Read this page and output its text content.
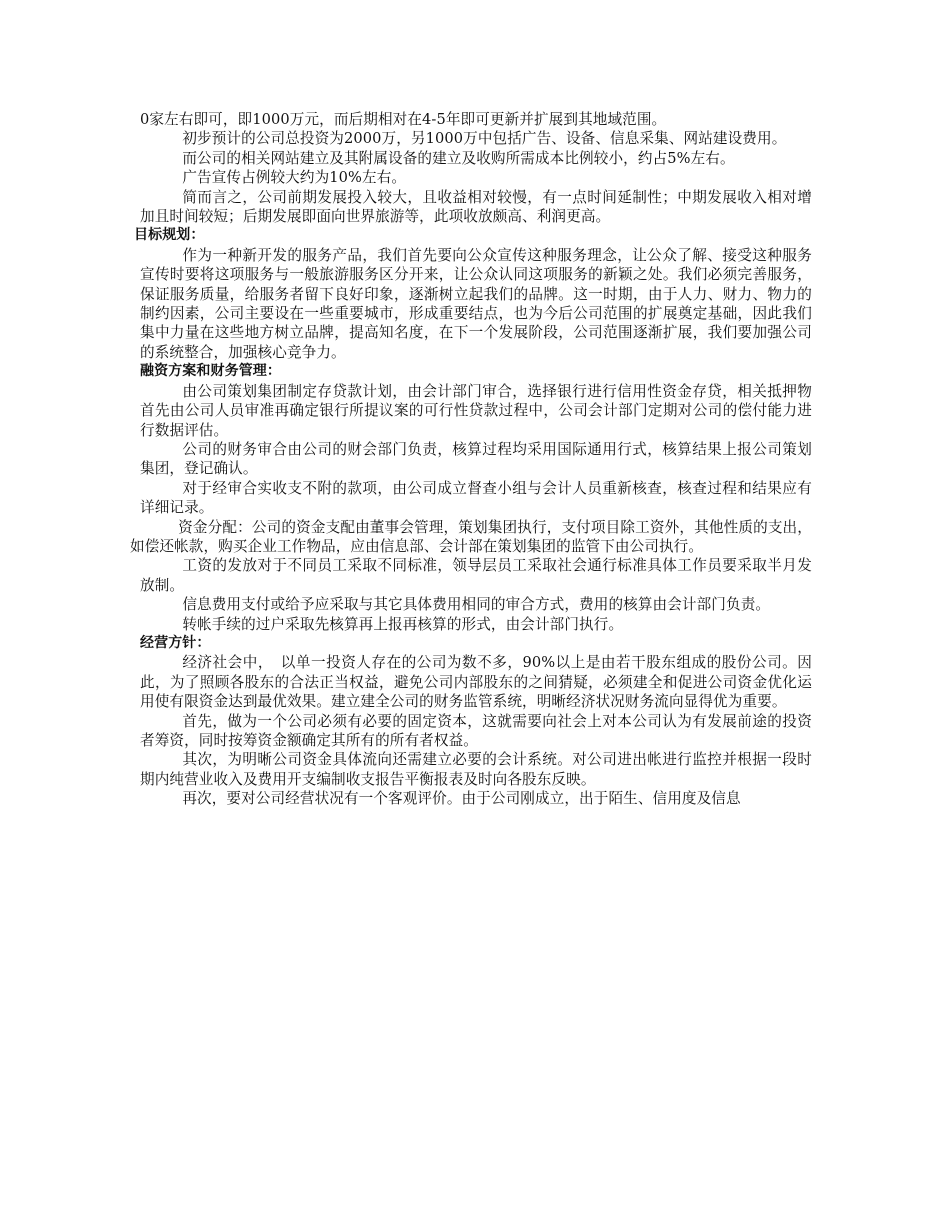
0家左右即可，即1000万元，而后期相对在4-5年即可更新并扩展到其地域范围。

初步预计的公司总投资为2000万，另1000万中包括广告、设备、信息采集、网站建设费用。

而公司的相关网站建立及其附属设备的建立及收购所需成本比例较小，约占5%左右。

广告宣传占例较大约为10%左右。

简而言之，公司前期发展投入较大，且收益相对较慢，有一点时间延制性；中期发展收入相对增加且时间较短；后期发展即面向世界旅游等，此项收放颇高、利润更高。

目标规划：

作为一种新开发的服务产品，我们首先要向公众宣传这种服务理念，让公众了解、接受这种服务宣传时要将这项服务与一般旅游服务区分开来，让公众认同这项服务的新颖之处。我们必须完善服务，保证服务质量，给服务者留下良好印象，逐渐树立起我们的品牌。这一时期，由于人力、财力、物力的制约因素，公司主要设在一些重要城市，形成重要结点，也为今后公司范围的扩展奠定基础，因此我们集中力量在这些地方树立品牌，提高知名度，在下一个发展阶段，公司范围逐渐扩展，我们要加强公司的系统整合，加强核心竞争力。

融资方案和财务管理：

由公司策划集团制定存贷款计划，由会计部门审合，选择银行进行信用性资金存贷，相关抵押物首先由公司人员审准再确定银行所提议案的可行性贷款过程中，公司会计部门定期对公司的偿付能力进行数据评估。

公司的财务审合由公司的财会部门负责，核算过程均采用国际通用行式，核算结果上报公司策划集团，登记确认。

对于经审合实收支不附的款项，由公司成立督查小组与会计人员重新核查，核查过程和结果应有详细记录。

资金分配：公司的资金支配由董事会管理，策划集团执行，支付项目除工资外，其他性质的支出，如偿还帐款，购买企业工作物品，应由信息部、会计部在策划集团的监管下由公司执行。

工资的发放对于不同员工采取不同标准，领导层员工采取社会通行标准具体工作员要采取半月发放制。

信息费用支付或给予应采取与其它具体费用相同的审合方式，费用的核算由会计部门负责。

转帐手续的过户采取先核算再上报再核算的形式，由会计部门执行。

经营方针：

经济社会中，　以单一投资人存在的公司为数不多，90%以上是由若干股东组成的股份公司。因此，为了照顾各股东的合法正当权益，避免公司内部股东的之间猜疑，必须建全和促进公司资金优化运用使有限资金达到最优效果。建立建全公司的财务监管系统，明晰经济状况财务流向显得优为重要。

首先，做为一个公司必须有必要的固定资本，这就需要向社会上对本公司认为有发展前途的投资者筹资，同时按筹资金额确定其所有的所有者权益。

其次，为明晰公司资金具体流向还需建立必要的会计系统。对公司进出帐进行监控并根据一段时期内纯营业收入及费用开支编制收支报告平衡报表及时向各股东反映。

再次，要对公司经营状况有一个客观评价。由于公司刚成立，出于陌生、信用度及信息
